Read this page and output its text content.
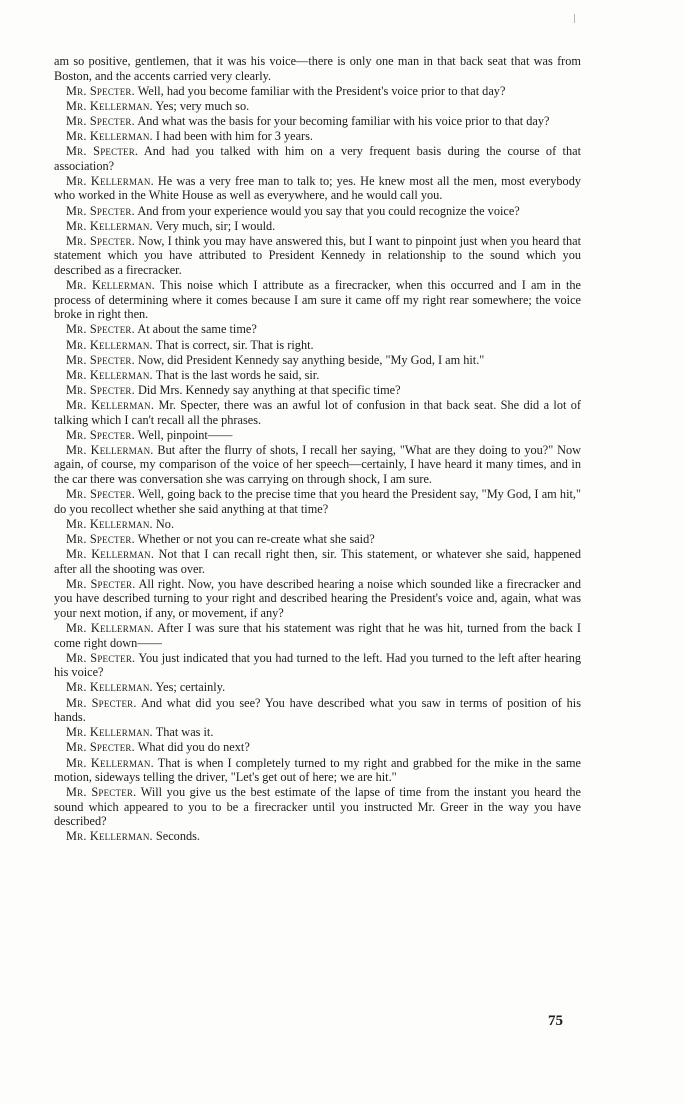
am so positive, gentlemen, that it was his voice—there is only one man in that back seat that was from Boston, and the accents carried very clearly.

Mr. Specter. Well, had you become familiar with the President's voice prior to that day?

Mr. Kellerman. Yes; very much so.

Mr. Specter. And what was the basis for your becoming familiar with his voice prior to that day?

Mr. Kellerman. I had been with him for 3 years.

Mr. Specter. And had you talked with him on a very frequent basis during the course of that association?

Mr. Kellerman. He was a very free man to talk to; yes. He knew most all the men, most everybody who worked in the White House as well as everywhere, and he would call you.

Mr. Specter. And from your experience would you say that you could recognize the voice?

Mr. Kellerman. Very much, sir; I would.

Mr. Specter. Now, I think you may have answered this, but I want to pinpoint just when you heard that statement which you have attributed to President Kennedy in relationship to the sound which you described as a firecracker.

Mr. Kellerman. This noise which I attribute as a firecracker, when this occurred and I am in the process of determining where it comes because I am sure it came off my right rear somewhere; the voice broke in right then.

Mr. Specter. At about the same time?

Mr. Kellerman. That is correct, sir. That is right.

Mr. Specter. Now, did President Kennedy say anything beside, "My God, I am hit."

Mr. Kellerman. That is the last words he said, sir.

Mr. Specter. Did Mrs. Kennedy say anything at that specific time?

Mr. Kellerman. Mr. Specter, there was an awful lot of confusion in that back seat. She did a lot of talking which I can't recall all the phrases.

Mr. Specter. Well, pinpoint——

Mr. Kellerman. But after the flurry of shots, I recall her saying, "What are they doing to you?" Now again, of course, my comparison of the voice of her speech—certainly, I have heard it many times, and in the car there was conversation she was carrying on through shock, I am sure.

Mr. Specter. Well, going back to the precise time that you heard the President say, "My God, I am hit," do you recollect whether she said anything at that time?

Mr. Kellerman. No.

Mr. Specter. Whether or not you can re-create what she said?

Mr. Kellerman. Not that I can recall right then, sir. This statement, or whatever she said, happened after all the shooting was over.

Mr. Specter. All right. Now, you have described hearing a noise which sounded like a firecracker and you have described turning to your right and described hearing the President's voice and, again, what was your next motion, if any, or movement, if any?

Mr. Kellerman. After I was sure that his statement was right that he was hit, turned from the back I come right down——

Mr. Specter. You just indicated that you had turned to the left. Had you turned to the left after hearing his voice?

Mr. Kellerman. Yes; certainly.

Mr. Specter. And what did you see? You have described what you saw in terms of position of his hands.

Mr. Kellerman. That was it.

Mr. Specter. What did you do next?

Mr. Kellerman. That is when I completely turned to my right and grabbed for the mike in the same motion, sideways telling the driver, "Let's get out of here; we are hit."

Mr. Specter. Will you give us the best estimate of the lapse of time from the instant you heard the sound which appeared to you to be a firecracker until you instructed Mr. Greer in the way you have described?

Mr. Kellerman. Seconds.

75
